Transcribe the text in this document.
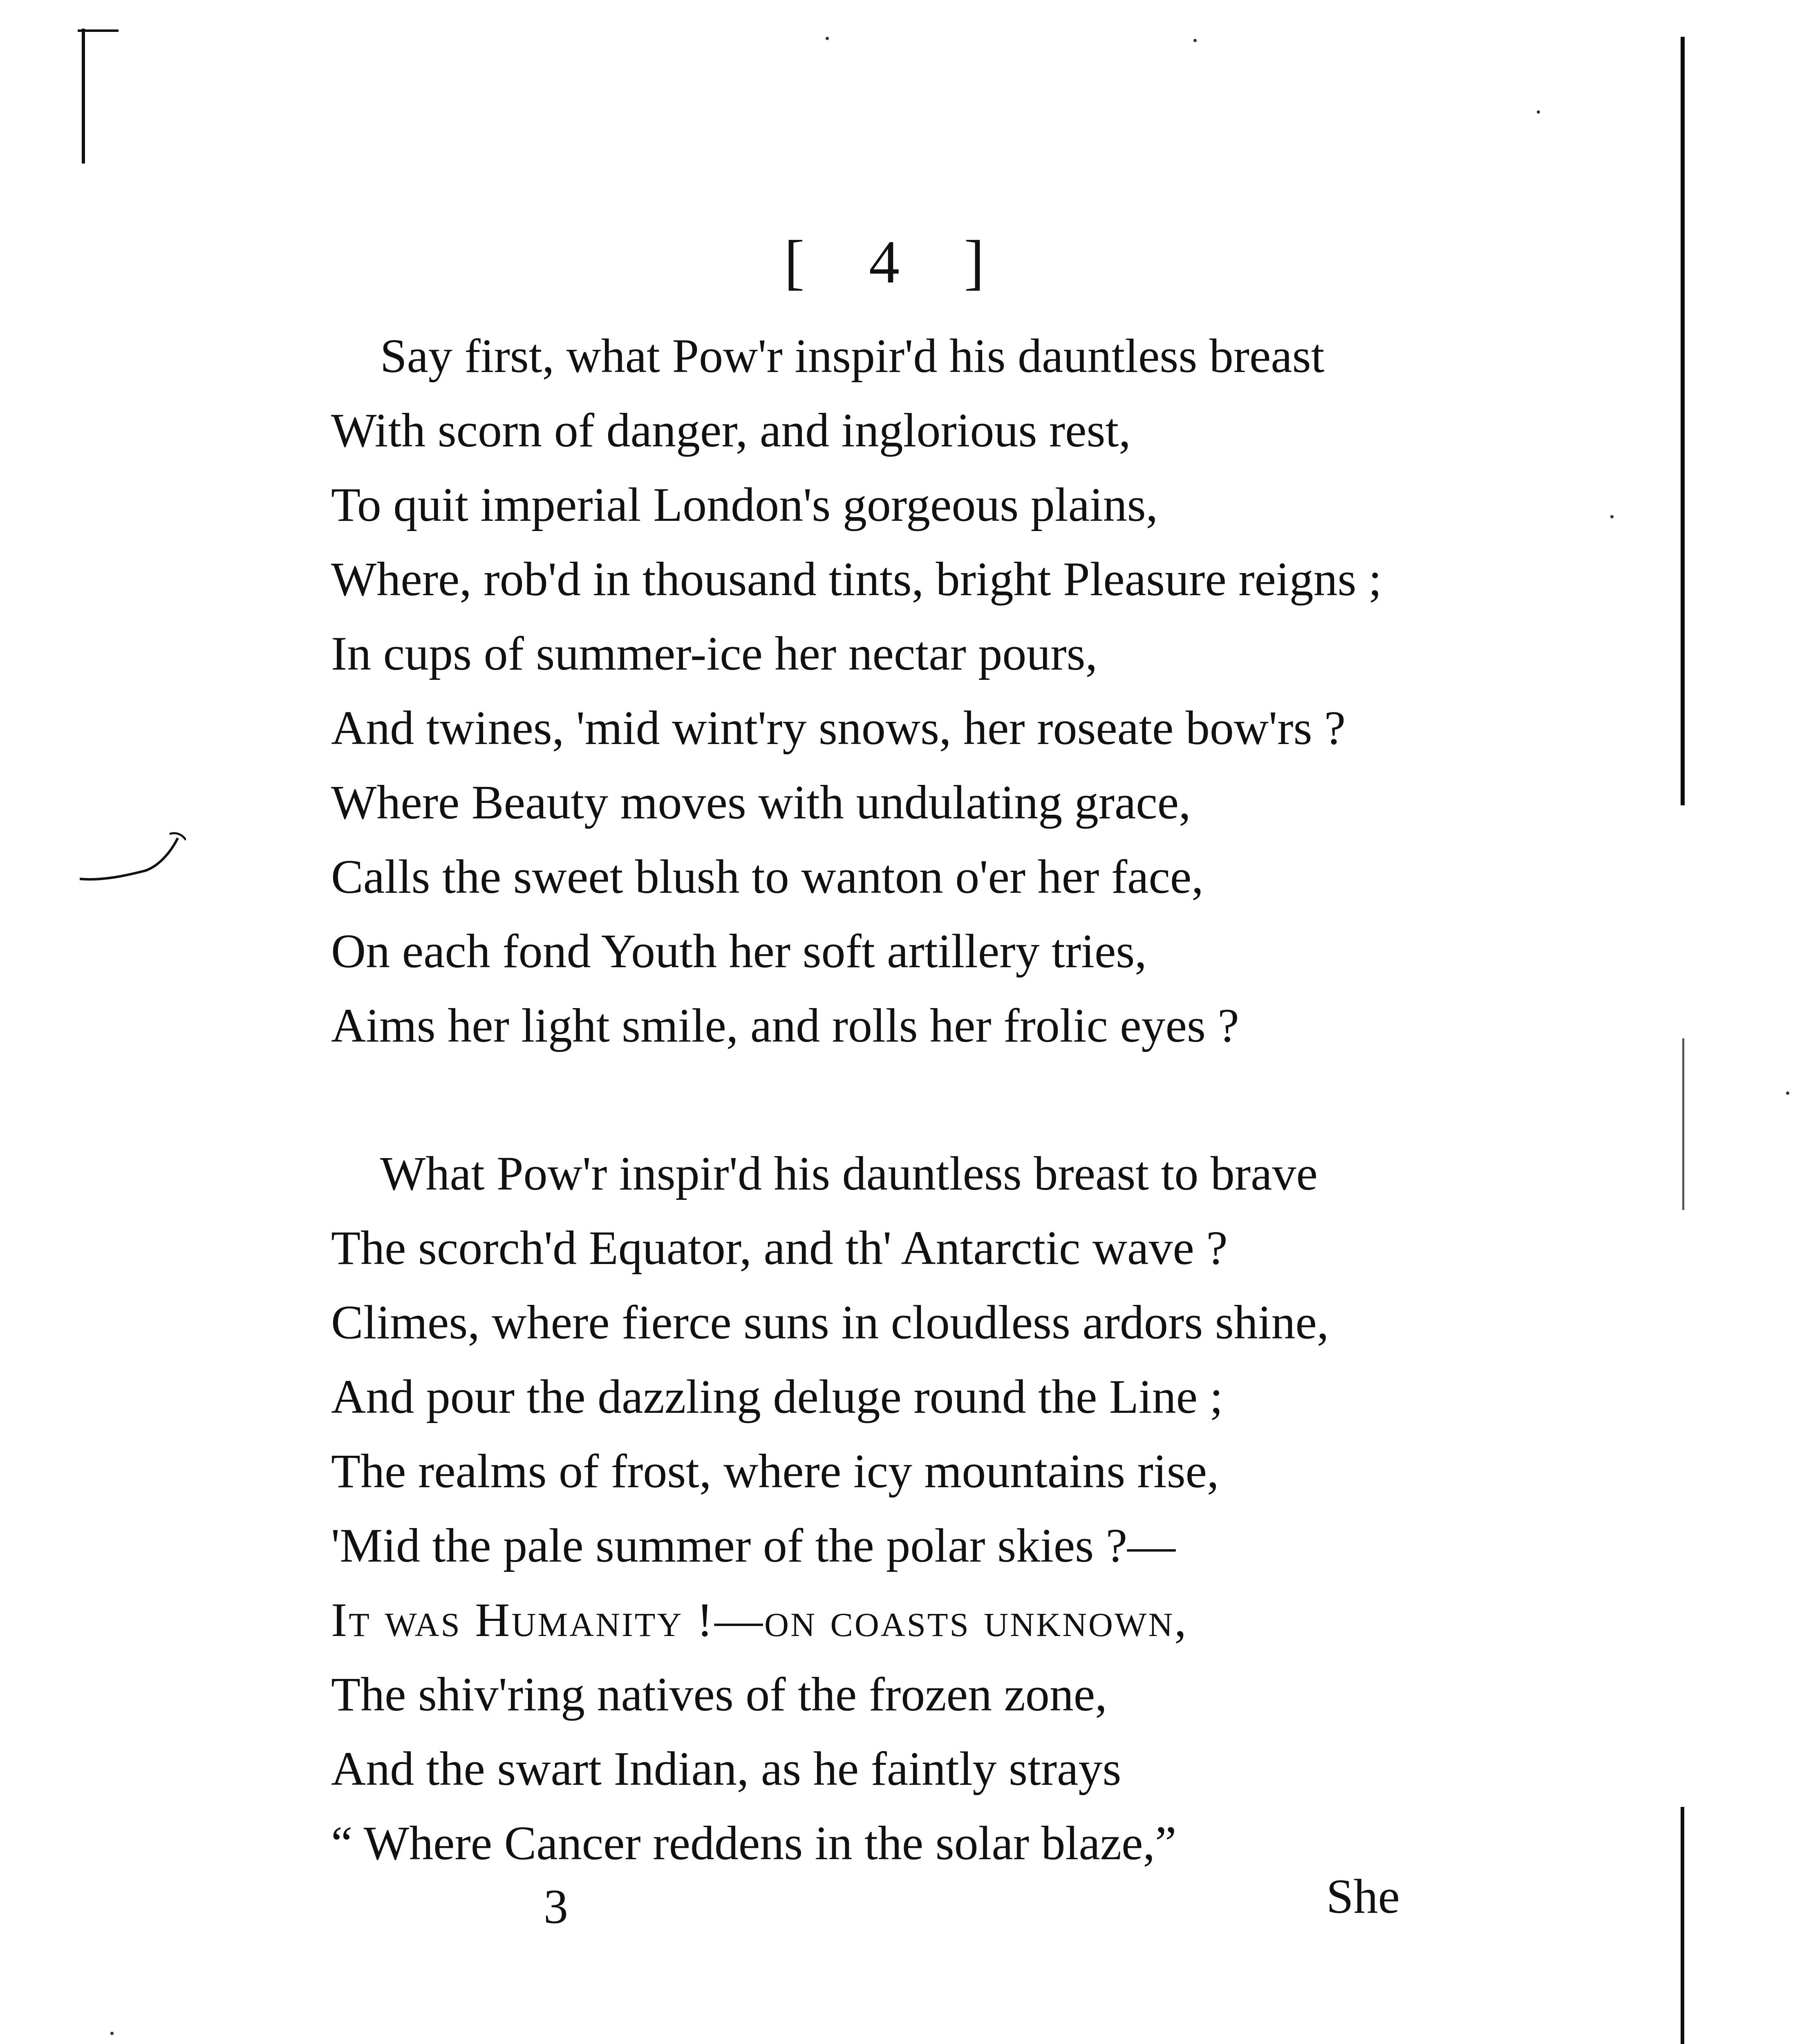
[ 4 ]
Say first, what Pow'r inspir'd his dauntless breast
With scorn of danger, and inglorious rest,
To quit imperial London's gorgeous plains,
Where, rob'd in thousand tints, bright Pleasure reigns ;
In cups of summer-ice her nectar pours,
And twines, 'mid wint'ry snows, her roseate bow'rs ?
Where Beauty moves with undulating grace,
Calls the sweet blush to wanton o'er her face,
On each fond Youth her soft artillery tries,
Aims her light smile, and rolls her frolic eyes ?
What Pow'r inspir'd his dauntless breast to brave
The scorch'd Equator, and th' Antarctic wave ?
Climes, where fierce suns in cloudless ardors shine,
And pour the dazzling deluge round the Line ;
The realms of frost, where icy mountains rise,
'Mid the pale summer of the polar skies ?—
It was Humanity !—on coasts unknown,
The shiv'ring natives of the frozen zone,
And the swart Indian, as he faintly strays
“ Where Cancer reddens in the solar blaze,”
3	She
